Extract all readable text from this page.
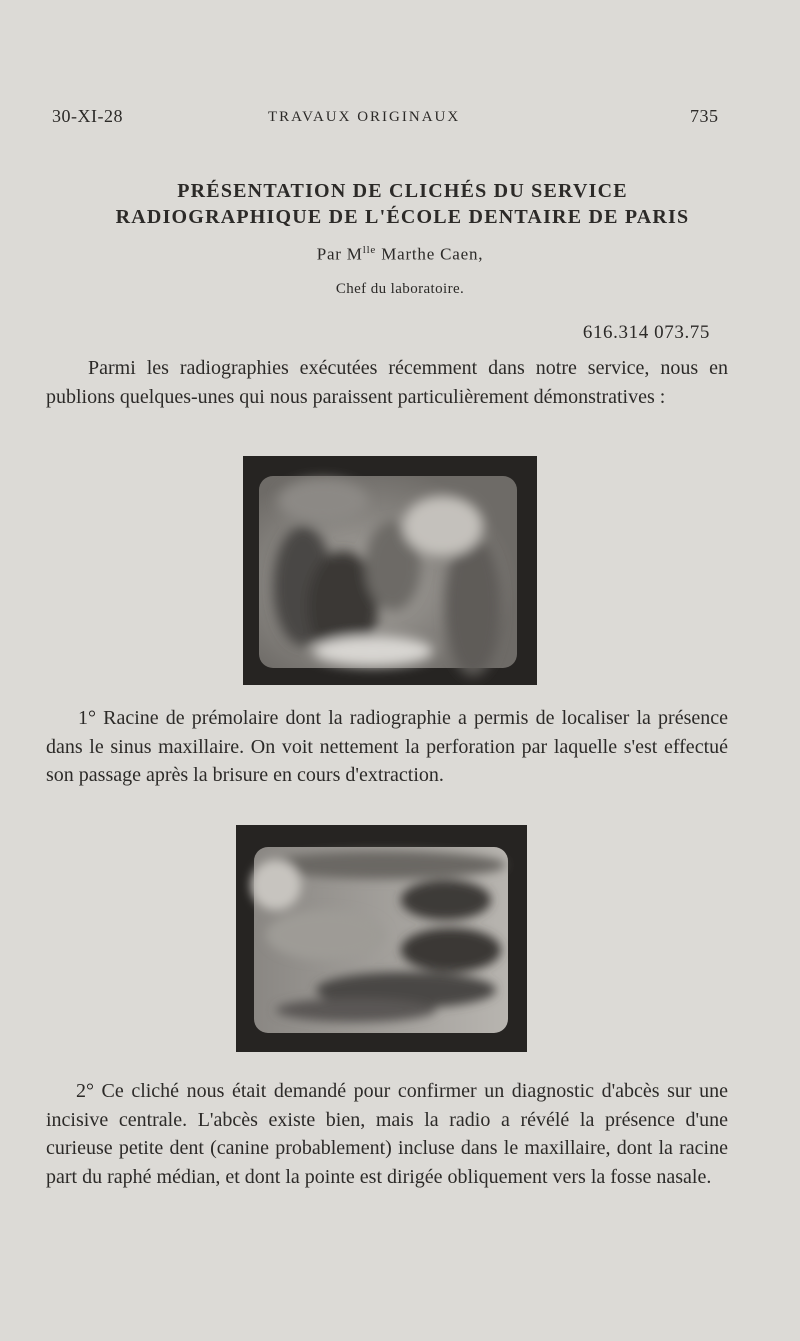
30-XI-28	TRAVAUX ORIGINAUX	735
PRÉSENTATION DE CLICHÉS DU SERVICE
RADIOGRAPHIQUE DE L'ÉCOLE DENTAIRE DE PARIS
Par $M^{lle}$ Marthe Caen,
Chef du laboratoire.
616.314 073.75

Parmi les radiographies exécutées récemment dans notre service, nous en publions quelques-unes qui nous paraissent particulièrement démonstratives :

1° Racine de prémolaire dont la radiographie a permis de localiser la présence dans le sinus maxillaire. On voit nettement la perforation par laquelle s'est effectué son passage après la brisure en cours d'extraction.

2° Ce cliché nous était demandé pour confirmer un diagnostic d'abcès sur une incisive centrale. L'abcès existe bien, mais la radio a révélé la présence d'une curieuse petite dent (canine probablement) incluse dans le maxillaire, dont la racine part du raphé médian, et dont la pointe est dirigée obliquement vers la fosse nasale.
